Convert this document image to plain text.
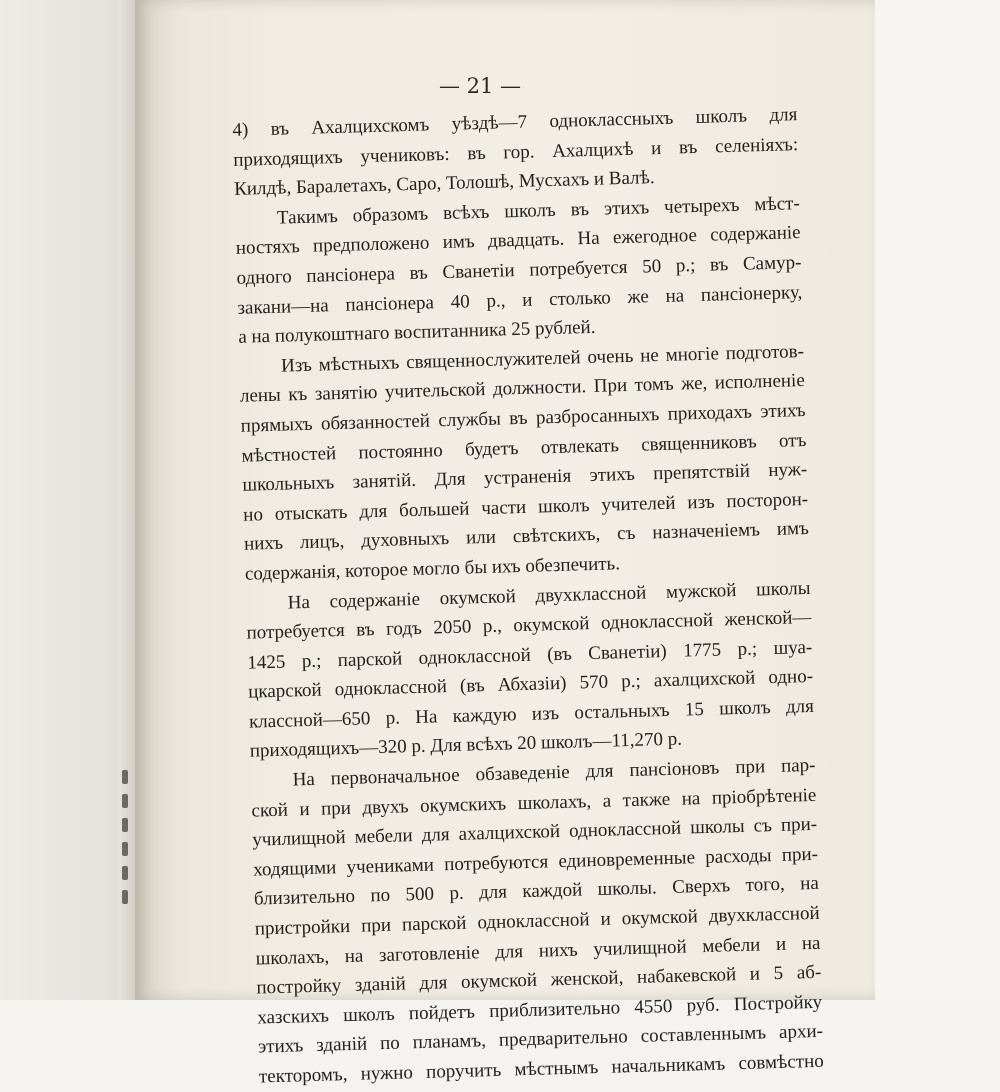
— 21 —
4) въ Ахалцихскомъ уѣздѣ—7 одноклассныхъ школъ для
приходящихъ учениковъ: въ гор. Ахалцихѣ и въ селеніяхъ:
Килдѣ, Баралетахъ, Саро, Толошѣ, Мусхахъ и Валѣ.
Такимъ образомъ всѣхъ школъ въ этихъ четырехъ мѣст-
ностяхъ предположено имъ двадцать. На ежегодное содержаніе
одного пансіонера въ Сванетіи потребуется 50 р.; въ Самур-
закани—на пансіонера 40 р., и столько же на пансіонерку,
а на полукоштнаго воспитанника 25 рублей.
Изъ мѣстныхъ священнослужителей очень не многіе подготов-
лены къ занятію учительской должности. При томъ же, исполненіе
прямыхъ обязанностей службы въ разбросанныхъ приходахъ этихъ
мѣстностей постоянно будетъ отвлекать священниковъ отъ
школьныхъ занятій. Для устраненія этихъ препятствій нуж-
но отыскать для большей части школъ учителей изъ посторон-
нихъ лицъ, духовныхъ или свѣтскихъ, съ назначеніемъ имъ
содержанія, которое могло бы ихъ обезпечить.
На содержаніе окумской двухклассной мужской школы
потребуется въ годъ 2050 р., окумской одноклассной женской—
1425 р.; парской одноклассной (въ Сванетіи) 1775 р.; шуа-
цкарской одноклассной (въ Абхазіи) 570 р.; ахалцихской одно-
классной—650 р. На каждую изъ остальныхъ 15 школъ для
приходящихъ—320 р. Для всѣхъ 20 школъ—11,270 р.
На первоначальное обзаведеніе для пансіоновъ при пар-
ской и при двухъ окумскихъ школахъ, а также на пріобрѣтеніе
училищной мебели для ахалцихской одноклассной школы съ при-
ходящими учениками потребуются единовременные расходы при-
близительно по 500 р. для каждой школы. Сверхъ того, на
пристройки при парской одноклассной и окумской двухклассной
школахъ, на заготовленіе для нихъ училищной мебели и на
постройку зданій для окумской женской, набакевской и 5 аб-
хазскихъ школъ пойдетъ приблизительно 4550 руб. Постройку
этихъ зданій по планамъ, предварительно составленнымъ архи-
текторомъ, нужно поручить мѣстнымъ начальникамъ совмѣстно
